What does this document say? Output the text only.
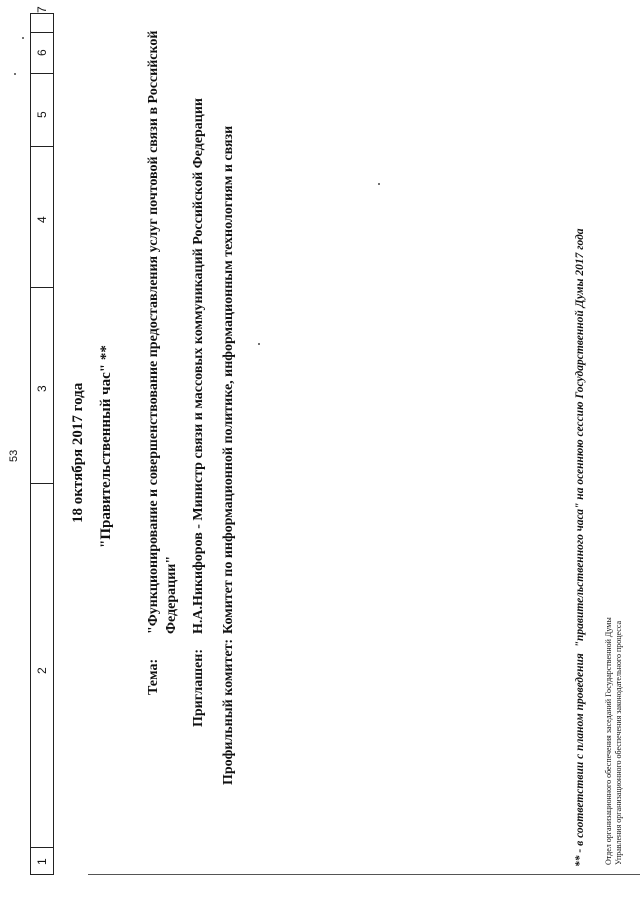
1
2
3
4
5
6
7
53	18 октября 2017 года "Правительственный час" **
Тема:
"Функционирование и совершенствование предоставления услуг почтовой связи в Российской Федерации"
Приглашен:
Н.А.Никифоров - Министр связи и массовых коммуникаций Российской Федерации
Профильный комитет:
Комитет по информационной политике, информационным технологиям и связи
** - в соответствии с планом проведения  "правительственного часа" на осеннюю сессию Государственной Думы 2017 года
Отдел организационного обеспечения заседаний Государственной Думы Управления организационного обеспечения законодательного процесса
